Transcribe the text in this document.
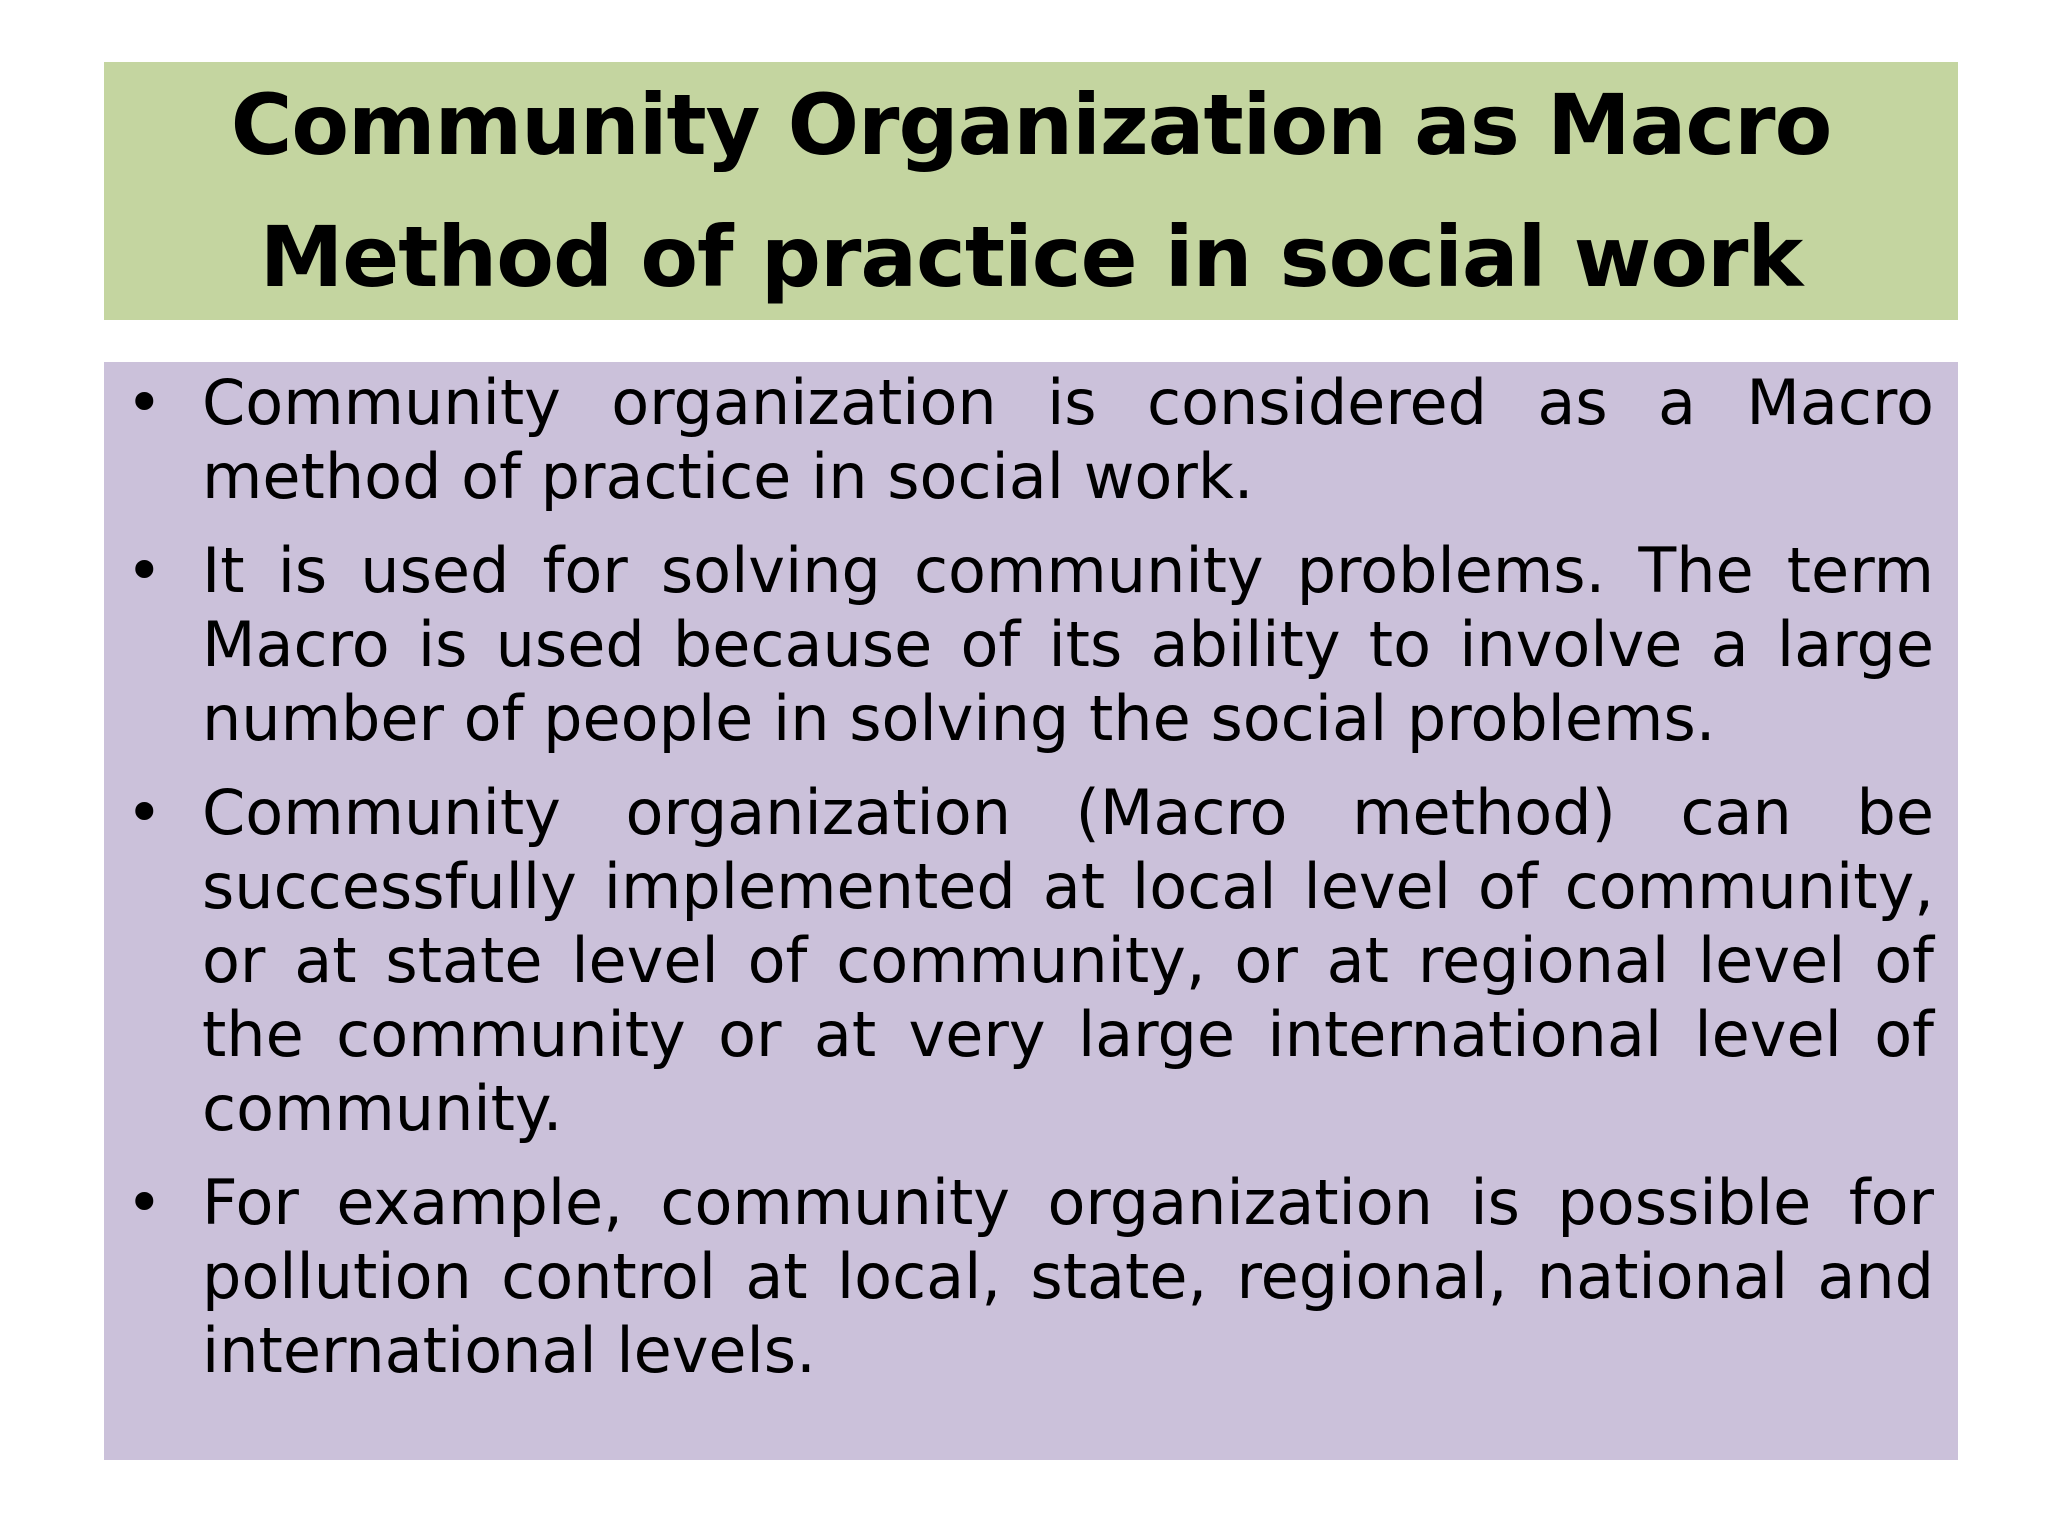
Community Organization as Macro
Method of practice in social work
• Community organization is considered as a Macro method of practice in social work.
• It is used for solving community problems. The term Macro is used because of its ability to involve a large number of people in solving the social problems.
• Community organization (Macro method) can be successfully implemented at local level of community, or at state level of community, or at regional level of the community or at very large international level of community.
• For example, community organization is possible for pollution control at local, state, regional, national and international levels.
